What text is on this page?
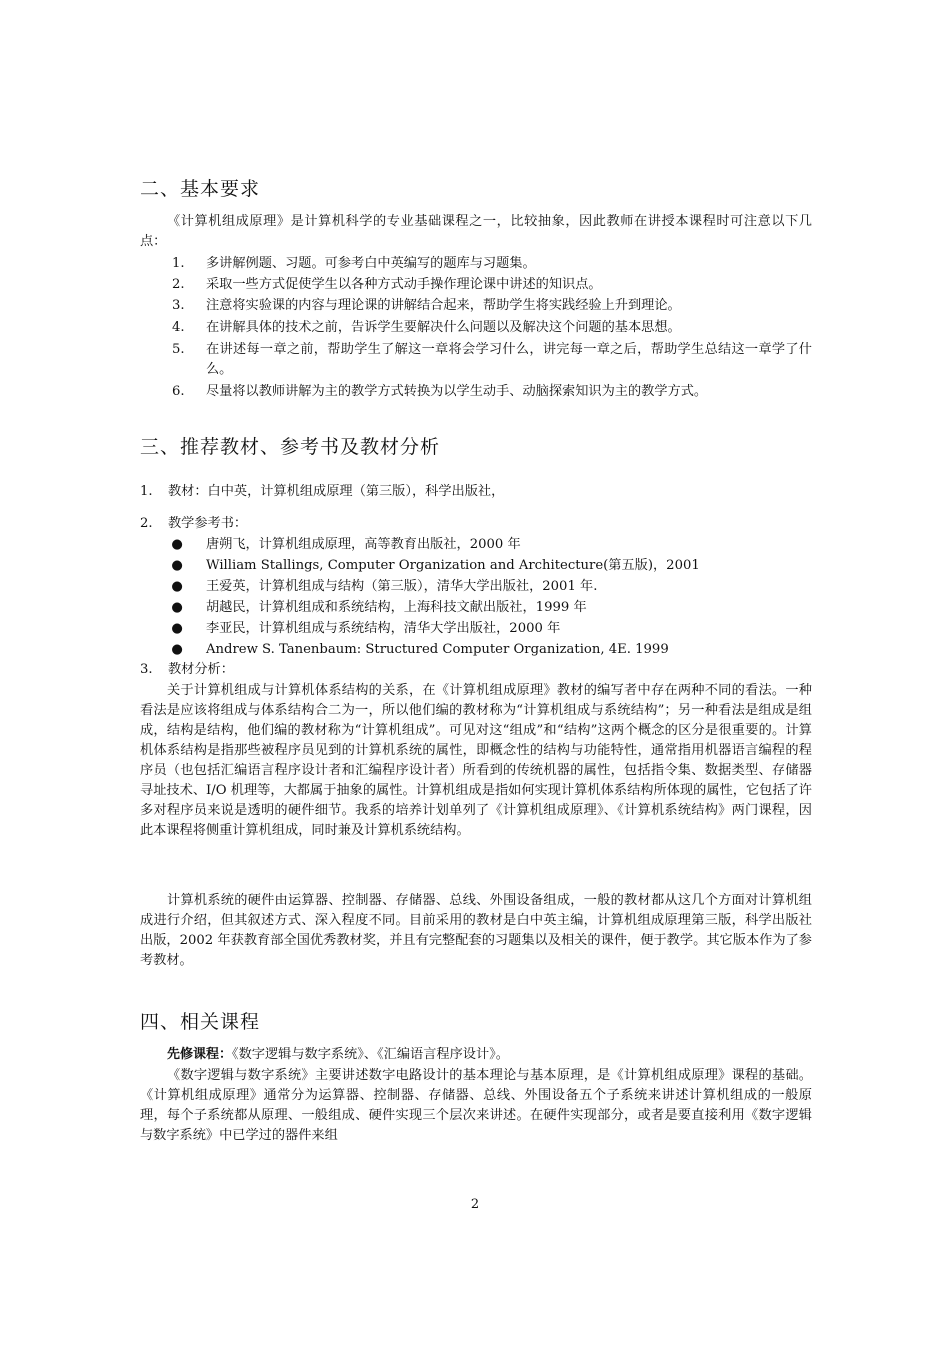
二、基本要求

《计算机组成原理》是计算机科学的专业基础课程之一，比较抽象，因此教师在讲授本课程时可注意以下几点：

1. 多讲解例题、习题。可参考白中英编写的题库与习题集。
2. 采取一些方式促使学生以各种方式动手操作理论课中讲述的知识点。
3. 注意将实验课的内容与理论课的讲解结合起来，帮助学生将实践经验上升到理论。
4. 在讲解具体的技术之前，告诉学生要解决什么问题以及解决这个问题的基本思想。
5. 在讲述每一章之前，帮助学生了解这一章将会学习什么，讲完每一章之后，帮助学生总结这一章学了什么。
6. 尽量将以教师讲解为主的教学方式转换为以学生动手、动脑探索知识为主的教学方式。
三、推荐教材、参考书及教材分析
1. 教材：白中英，计算机组成原理（第三版），科学出版社，
2. 教学参考书：
● 唐朔飞，计算机组成原理，高等教育出版社，2000 年
● William Stallings, Computer Organization and Architecture(第五版)，2001
● 王爱英，计算机组成与结构（第三版），清华大学出版社，2001 年.
● 胡越民，计算机组成和系统结构，上海科技文献出版社，1999 年
● 李亚民，计算机组成与系统结构，清华大学出版社，2000 年
● Andrew S. Tanenbaum: Structured Computer Organization, 4E. 1999
3. 教材分析：

关于计算机组成与计算机体系结构的关系，在《计算机组成原理》教材的编写者中存在两种不同的看法。一种看法是应该将组成与体系结构合二为一，所以他们编的教材称为“计算机组成与系统结构”；另一种看法是组成是组成，结构是结构，他们编的教材称为“计算机组成”。可见对这“组成”和“结构”这两个概念的区分是很重要的。计算机体系结构是指那些被程序员见到的计算机系统的属性，即概念性的结构与功能特性，通常指用机器语言编程的程序员（也包括汇编语言程序设计者和汇编程序设计者）所看到的传统机器的属性，包括指令集、数据类型、存储器寻址技术、I/O 机理等，大都属于抽象的属性。计算机组成是指如何实现计算机体系结构所体现的属性，它包括了许多对程序员来说是透明的硬件细节。我系的培养计划单列了《计算机组成原理》、《计算机系统结构》两门课程，因此本课程将侧重计算机组成，同时兼及计算机系统结构。

计算机系统的硬件由运算器、控制器、存储器、总线、外围设备组成，一般的教材都从这几个方面对计算机组成进行介绍，但其叙述方式、深入程度不同。目前采用的教材是白中英主编，计算机组成原理第三版，科学出版社出版，2002 年获教育部全国优秀教材奖，并且有完整配套的习题集以及相关的课件，便于教学。其它版本作为了参考教材。

四、相关课程

先修课程：《数字逻辑与数字系统》、《汇编语言程序设计》。

《数字逻辑与数字系统》主要讲述数字电路设计的基本理论与基本原理，是《计算机组成原理》课程的基础。《计算机组成原理》通常分为运算器、控制器、存储器、总线、外围设备五个子系统来讲述计算机组成的一般原理，每个子系统都从原理、一般组成、硬件实现三个层次来讲述。在硬件实现部分，或者是要直接利用《数字逻辑与数字系统》中已学过的器件来组

2
